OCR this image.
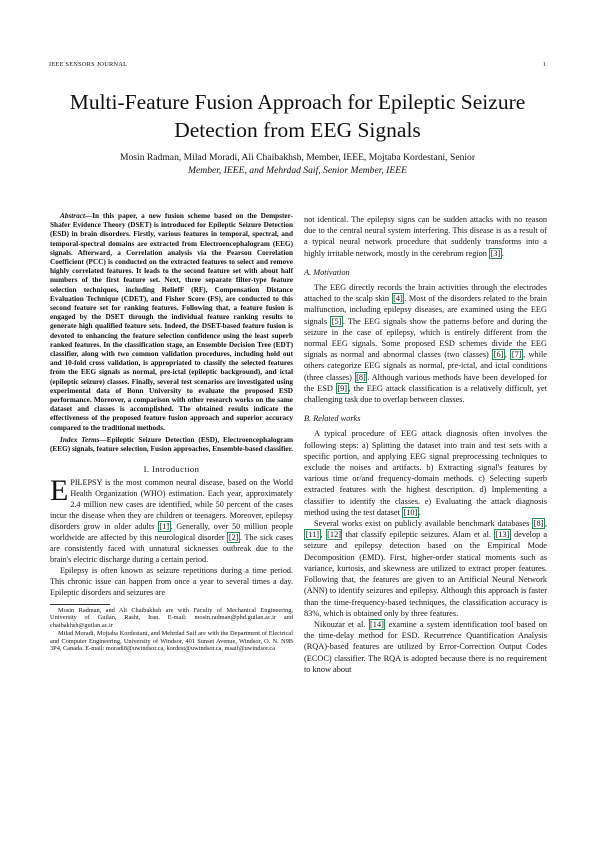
IEEE SENSORS JOURNAL	1
Multi-Feature Fusion Approach for Epileptic Seizure Detection from EEG Signals
Mosin Radman, Milad Moradi, Ali Chaibakhsh, Member, IEEE, Mojtaba Kordestani, Senior
Member, IEEE, and Mehrdad Saif, Senior Member, IEEE

Abstract—In this paper, a new fusion scheme based on the Dempster-Shafer Evidence Theory (DSET) is introduced for Epileptic Seizure Detection (ESD) in brain disorders. Firstly, various features in temporal, spectral, and temporal-spectral domains are extracted from Electroencephalogram (EEG) signals. Afterward, a Correlation analysis via the Pearson Correlation Coefficient (PCC) is conducted on the extracted features to select and remove highly correlated features. It leads to the second feature set with about half numbers of the first feature set. Next, three separate filter-type feature selection techniques, including ReliefF (RF), Compensation Distance Evaluation Technique (CDET), and Fisher Score (FS), are conducted to this second feature set for ranking features. Following that, a feature fusion is engaged by the DSET through the individual feature ranking results to generate high qualified feature sets. Indeed, the DSET-based feature fusion is devoted to enhancing the feature selection confidence using the least superb ranked features. In the classification stage, an Ensemble Decision Tree (EDT) classifier, along with two common validation procedures, including hold out and 10-fold cross validation, is appropriated to classify the selected features from the EEG signals as normal, pre-ictal (epileptic background), and ictal (epileptic seizure) classes. Finally, several test scenarios are investigated using experimental data of Bonn University to evaluate the proposed ESD performance. Moreover, a comparison with other research works on the same dataset and classes is accomplished. The obtained results indicate the effectiveness of the proposed feature fusion approach and superior accuracy compared to the traditional methods.

Index Terms—Epileptic Seizure Detection (ESD), Electroencephalogram (EEG) signals, feature selection, Fusion approaches, Ensemble-based classifier.

I. Introduction

EPILEPSY is the most common neural disease, based on the World Health Organization (WHO) estimation. Each year, approximately 2.4 million new cases are identified, while 50 percent of the cases incur the disease when they are children or teenagers. Moreover, epilepsy disorders grow in older adults [1] . Generally, over 50 million people worldwide are affected by this neurological disorder [2] . The sick cases are consistently faced with unnatural sicknesses outbreak due to the brain's electric discharge during a certain period.

Epilepsy is often known as seizure repetitions during a time period. This chronic issue can happen from once a year to several times a day. Epileptic disorders and seizures are

Mosin Radman, and Ali Chaibakhsh are with Faculty of Mechanical Engineering, University of Guilan, Rasht, Iran. E-mail: mosin.radman@phd.guilan.ac.ir and chaibakhsh@guilan.ac.ir

Milad Moradi, Mojtaba Kordestani, and Mehrdad Saif are with the Department of Electrical and Computer Engineering, University of Windsor, 401 Sunset Avenue, Windsor, O. N. N9B 3P4, Canada. E-mail: moradi8@uwindsor.ca, kordest@uwindsor.ca, msaif@uwindsor.ca

not identical. The epilepsy signs can be sudden attacks with no reason due to the central neural system interfering. This disease is as a result of a typical neural network procedure that suddenly transforms into a highly irritable network, mostly in the cerebrum region [3] .

A. Motivation

The EEG directly records the brain activities through the electrodes attached to the scalp skin [4] . Most of the disorders related to the brain malfunction, including epilepsy diseases, are examined using the EEG signals [5] . The EEG signals show the patterns before and during the seizure in the case of epilepsy, which is entirely different from the normal EEG signals. Some proposed ESD schemes divide the EEG signals as normal and abnormal classes (two classes) [6] , [7] , while others categorize EEG signals as normal, pre-ictal, and ictal conditions (three classes) [8] . Although various methods have been developed for the ESD [9] , the EEG attack classification is a relatively difficult, yet challenging task due to overlap between classes.

B. Related works

A typical procedure of EEG attack diagnosis often involves the following steps: a) Splitting the dataset into train and test sets with a specific portion, and applying EEG signal preprocessing techniques to exclude the noises and artifacts. b) Extracting signal's features by various time or/and frequency-domain methods. c) Selecting superb extracted features with the highest description. d) Implementing a classifier to identify the classes. e) Evaluating the attack diagnosis method using the test dataset [10] .

Several works exist on publicly available benchmark databases [8] , [11] , [12] that classify epileptic seizures. Alam et al. [13] develop a seizure and epilepsy detection based on the Empirical Mode Decomposition (EMD). First, higher-order statical moments such as variance, kurtosis, and skewness are utilized to extract proper features. Following that, the features are given to an Artificial Neural Network (ANN) to identify seizures and epilepsy. Although this approach is faster than the time-frequency-based techniques, the classification accuracy is 83%, which is obtained only by three features.

Nikouzar et al. [14] examine a system identification tool based on the time-delay method for ESD. Recurrence Quantification Analysis (RQA)-based features are utilized by Error-Correction Output Codes (ECOC) classifier. The RQA is adopted because there is no requirement to know about
